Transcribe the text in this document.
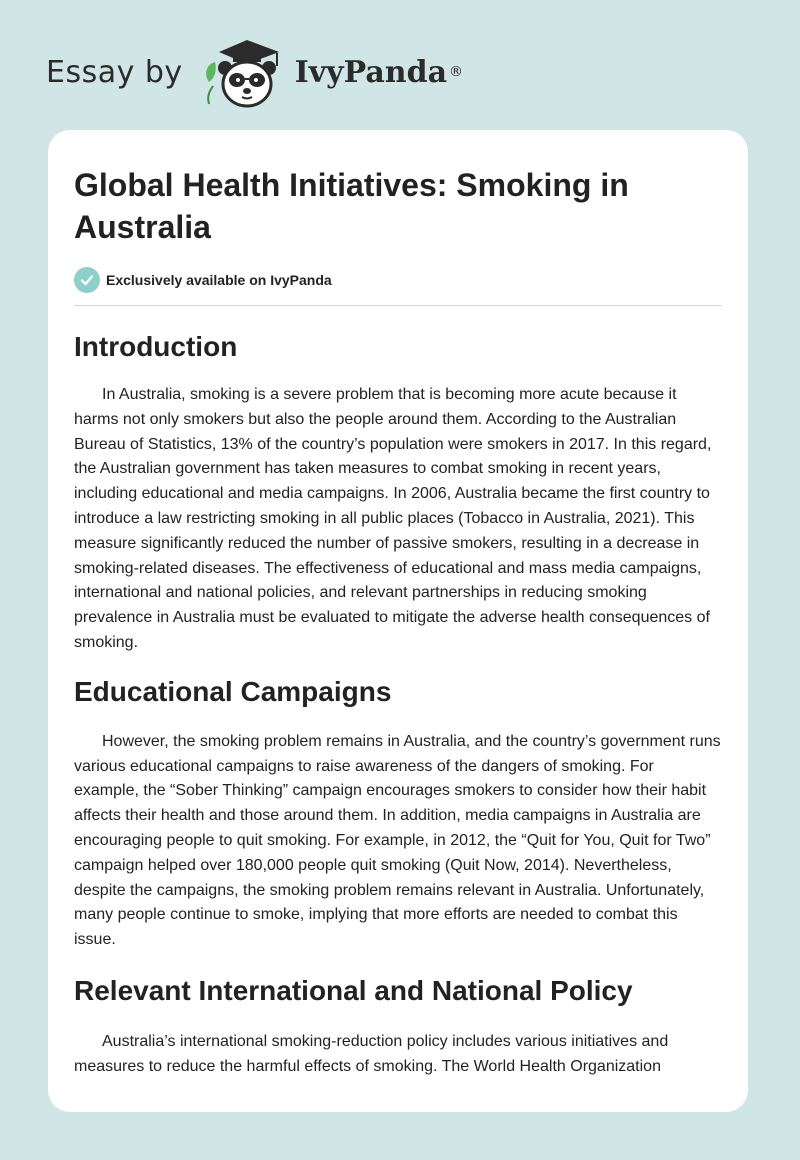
Essay by	IvyPanda ®
Global Health Initiatives: Smoking in Australia
Exclusively available on IvyPanda
Introduction

In Australia, smoking is a severe problem that is becoming more acute because it harms not only smokers but also the people around them. According to the Australian Bureau of Statistics, 13% of the country’s population were smokers in 2017. In this regard, the Australian government has taken measures to combat smoking in recent years, including educational and media campaigns. In 2006, Australia became the first country to introduce a law restricting smoking in all public places (Tobacco in Australia, 2021). This measure significantly reduced the number of passive smokers, resulting in a decrease in smoking-related diseases. The effectiveness of educational and mass media campaigns, international and national policies, and relevant partnerships in reducing smoking prevalence in Australia must be evaluated to mitigate the adverse health consequences of smoking.

Educational Campaigns

However, the smoking problem remains in Australia, and the country’s government runs various educational campaigns to raise awareness of the dangers of smoking. For example, the “Sober Thinking” campaign encourages smokers to consider how their habit affects their health and those around them. In addition, media campaigns in Australia are encouraging people to quit smoking. For example, in 2012, the “Quit for You, Quit for Two” campaign helped over 180,000 people quit smoking (Quit Now, 2014). Nevertheless, despite the campaigns, the smoking problem remains relevant in Australia. Unfortunately, many people continue to smoke, implying that more efforts are needed to combat this issue.

Relevant International and National Policy

Australia’s international smoking-reduction policy includes various initiatives and measures to reduce the harmful effects of smoking. The World Health Organization
